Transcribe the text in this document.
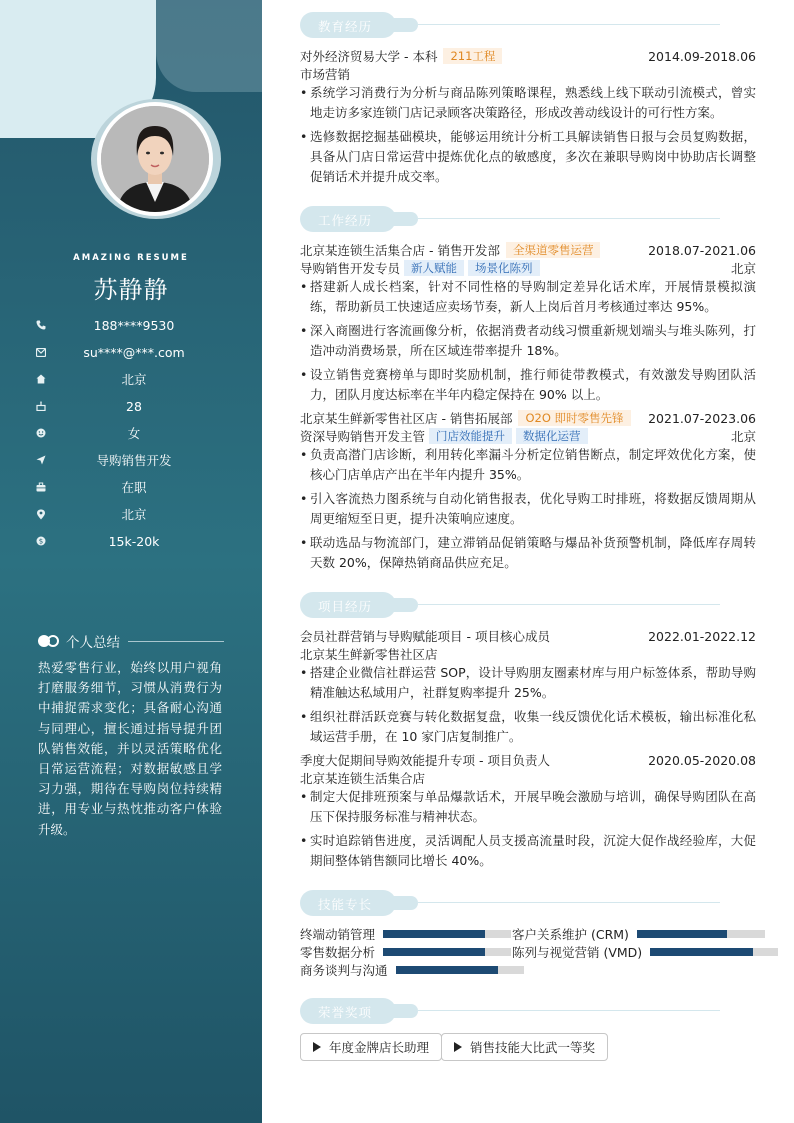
AMAZING RESUME
苏静静
188****9530
su****@***.com
北京
28
女
导购销售开发
在职
北京
$	15k-20k
个人总结
热爱零售行业，始终以用户视角打磨服务细节，习惯从消费行为中捕捉需求变化；具备耐心沟通与同理心，擅长通过指导提升团队销售效能，并以灵活策略优化日常运营流程；对数据敏感且学习力强，期待在导购岗位持续精进，用专业与热忱推动客户体验升级。
教育经历
对外经济贸易大学 - 本科	211工程	2014.09-2018.06
市场营销
• 系统学习消费行为分析与商品陈列策略课程，熟悉线上线下联动引流模式，曾实地走访多家连锁门店记录顾客决策路径，形成改善动线设计的可行性方案。
• 选修数据挖掘基础模块，能够运用统计分析工具解读销售日报与会员复购数据，具备从门店日常运营中提炼优化点的敏感度，多次在兼职导购岗中协助店长调整促销话术并提升成交率。
工作经历
北京某连锁生活集合店 - 销售开发部	全渠道零售运营	2018.07-2021.06
导购销售开发专员 新人赋能	场景化陈列	北京
• 搭建新人成长档案，针对不同性格的导购制定差异化话术库，开展情景模拟演练，帮助新员工快速适应卖场节奏，新人上岗后首月考核通过率达 95%。
• 深入商圈进行客流画像分析，依据消费者动线习惯重新规划端头与堆头陈列，打造冲动消费场景，所在区域连带率提升 18%。
• 设立销售竞赛榜单与即时奖励机制，推行师徒带教模式，有效激发导购团队活力，团队月度达标率在半年内稳定保持在 90% 以上。
北京某生鲜新零售社区店 - 销售拓展部	O2O 即时零售先锋	2021.07-2023.06
资深导购销售开发主管 门店效能提升	数据化运营	北京
• 负责高潜门店诊断，利用转化率漏斗分析定位销售断点，制定坪效优化方案，使核心门店单店产出在半年内提升 35%。
• 引入客流热力图系统与自动化销售报表，优化导购工时排班，将数据反馈周期从周更缩短至日更，提升决策响应速度。
• 联动选品与物流部门，建立滞销品促销策略与爆品补货预警机制，降低库存周转天数 20%，保障热销商品供应充足。
项目经历
会员社群营销与导购赋能项目 - 项目核心成员	2022.01-2022.12
北京某生鲜新零售社区店
• 搭建企业微信社群运营 SOP，设计导购朋友圈素材库与用户标签体系，帮助导购精准触达私域用户，社群复购率提升 25%。
• 组织社群活跃竞赛与转化数据复盘，收集一线反馈优化话术模板，输出标准化私域运营手册，在 10 家门店复制推广。
季度大促期间导购效能提升专项 - 项目负责人	2020.05-2020.08
北京某连锁生活集合店
• 制定大促排班预案与单品爆款话术，开展早晚会激励与培训，确保导购团队在高压下保持服务标准与精神状态。
• 实时追踪销售进度，灵活调配人员支援高流量时段，沉淀大促作战经验库，大促期间整体销售额同比增长 40%。
技能专长
终端动销管理	客户关系维护 (CRM)
零售数据分析	陈列与视觉营销 (VMD)
商务谈判与沟通
荣誉奖项
年度金牌店长助理	销售技能大比武一等奖
